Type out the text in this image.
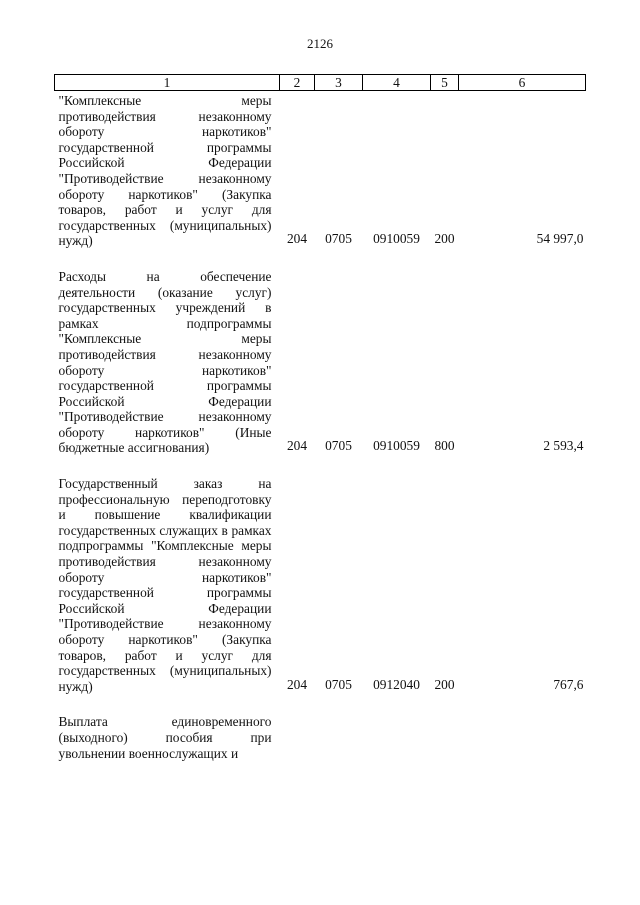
2126
1	2	3	4	5	6
"Комплексные меры противодействия незаконному обороту наркотиков" государственной программы Российской Федерации "Противодействие незаконному обороту наркотиков" (Закупка товаров, работ и услуг для государственных (муниципальных) нужд)	204	0705	0910059	200	54 997,0

Расходы на обеспечение деятельности (оказание услуг) государственных учреждений в рамках подпрограммы "Комплексные меры противодействия незаконному обороту наркотиков" государственной программы Российской Федерации "Противодействие незаконному обороту наркотиков" (Иные бюджетные ассигнования)	204	0705	0910059	800	2 593,4

Государственный заказ на профессиональную переподготовку и повышение квалификации государственных служащих в рамках подпрограммы "Комплексные меры противодействия незаконному обороту наркотиков" государственной программы Российской Федерации "Противодействие незаконному обороту наркотиков" (Закупка товаров, работ и услуг для государственных (муниципальных) нужд)	204	0705	0912040	200	767,6

Выплата единовременного (выходного) пособия при увольнении военнослужащих и					
